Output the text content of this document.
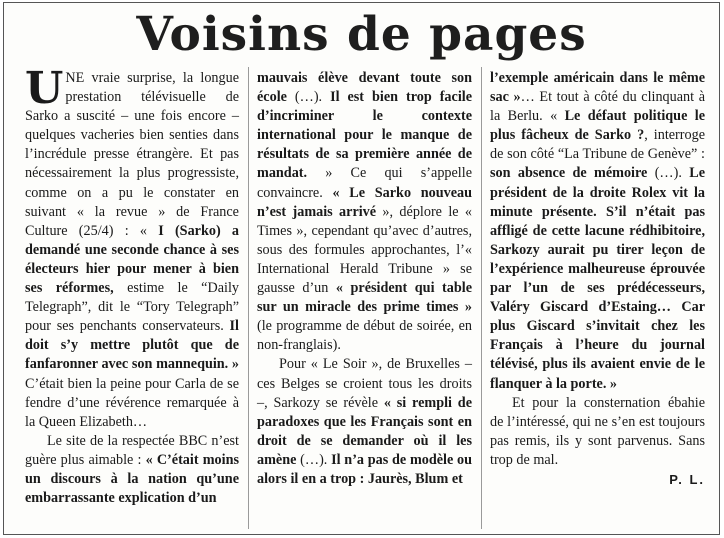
Voisins de pages

UNE vraie surprise, la longue prestation télévisuelle de Sarko a suscité – une fois encore – quelques vacheries bien senties dans l’incrédule presse étrangère. Et pas nécessairement la plus progressiste, comme on a pu le constater en suivant « la revue » de France Culture (25/4) : « I (Sarko) a demandé une seconde chance à ses électeurs hier pour mener à bien ses réformes, estime le “Daily Telegraph”, dit le “Tory Telegraph” pour ses penchants conservateurs. Il doit s’y mettre plutôt que de fanfaronner avec son mannequin. » C’était bien la peine pour Carla de se fendre d’une révérence remarquée à la Queen Elizabeth…

Le site de la respectée BBC n’est guère plus aimable : « C’était moins un discours à la nation qu’une embarrassante explication d’un

mauvais élève devant toute son école (…). Il est bien trop facile d’incriminer le contexte international pour le manque de résultats de sa première année de mandat. » Ce qui s’appelle convaincre. « Le Sarko nouveau n’est jamais arrivé », déplore le « Times », cependant qu’avec d’autres, sous des formules approchantes, l’« International Herald Tribune » se gausse d’un « président qui table sur un miracle des prime times » (le programme de début de soirée, en non-franglais).

Pour « Le Soir », de Bruxelles – ces Belges se croient tous les droits –, Sarkozy se révèle « si rempli de paradoxes que les Français sont en droit de se demander où il les amène (…). Il n’a pas de modèle ou alors il en a trop : Jaurès, Blum et

l’exemple américain dans le même sac »… Et tout à côté du clinquant à la Berlu. « Le défaut politique le plus fâcheux de Sarko ?, interroge de son côté “La Tribune de Genève” : son absence de mémoire (…). Le président de la droite Rolex vit la minute présente. S’il n’était pas affligé de cette lacune rédhibitoire, Sarkozy aurait pu tirer leçon de l’expérience malheureuse éprouvée par l’un de ses prédécesseurs, Valéry Giscard d’Estaing… Car plus Giscard s’invitait chez les Français à l’heure du journal télévisé, plus ils avaient envie de le flanquer à la porte. »

Et pour la consternation ébahie de l’intéressé, qui ne s’en est toujours pas remis, ils y sont parvenus. Sans trop de mal.

P. L.
